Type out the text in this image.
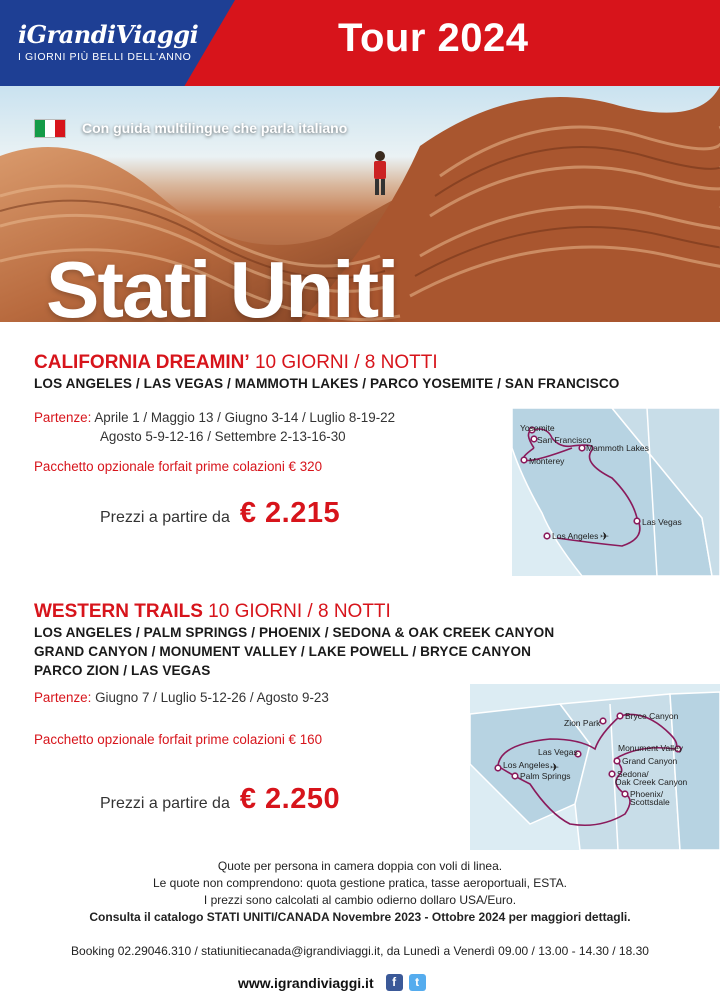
iGrandiViaggi
I GIORNI PIÙ BELLI DELL'ANNO	Tour 2024
Con guida multilingue che parla italiano
Stati Uniti
CALIFORNIA DREAMIN’ 10 GIORNI / 8 NOTTI
LOS ANGELES / LAS VEGAS / MAMMOTH LAKES / PARCO YOSEMITE / SAN FRANCISCO
Partenze: Aprile 1 / Maggio 13 / Giugno 3-14 / Luglio 8-19-22
Agosto 5-9-12-16 / Settembre 2-13-16-30
Pacchetto opzionale forfait prime colazioni € 320
Prezzi a partire da € 2.215
Yosemite
San Francisco
Monterey
Mammoth Lakes
Las Vegas
Los Angeles ✈
WESTERN TRAILS 10 GIORNI / 8 NOTTI
LOS ANGELES / PALM SPRINGS / PHOENIX / SEDONA & OAK CREEK CANYON
GRAND CANYON / MONUMENT VALLEY / LAKE POWELL / BRYCE CANYON
PARCO ZION / LAS VEGAS
Partenze: Giugno 7 / Luglio 5-12-26 / Agosto 9-23
Pacchetto opzionale forfait prime colazioni € 160
Prezzi a partire da € 2.250
Zion Park
Bryce Canyon
Las Vegas	Monument Valley
Los Angeles	Grand Canyon
Palm Springs	Sedona/
Oak Creek Canyon
Phoenix/
Scottsdale
✈
Quote per persona in camera doppia con voli di linea.
Le quote non comprendono: quota gestione pratica, tasse aeroportuali, ESTA.
I prezzi sono calcolati al cambio odierno dollaro USA/Euro.
Consulta il catalogo STATI UNITI/CANADA Novembre 2023 - Ottobre 2024 per maggiori dettagli.
Booking 02.29046.310 / statiunitiecanada@igrandiviaggi.it, da Lunedì a Venerdì 09.00 / 13.00 - 14.30 / 18.30
www.igrandiviaggi.it	f	t
